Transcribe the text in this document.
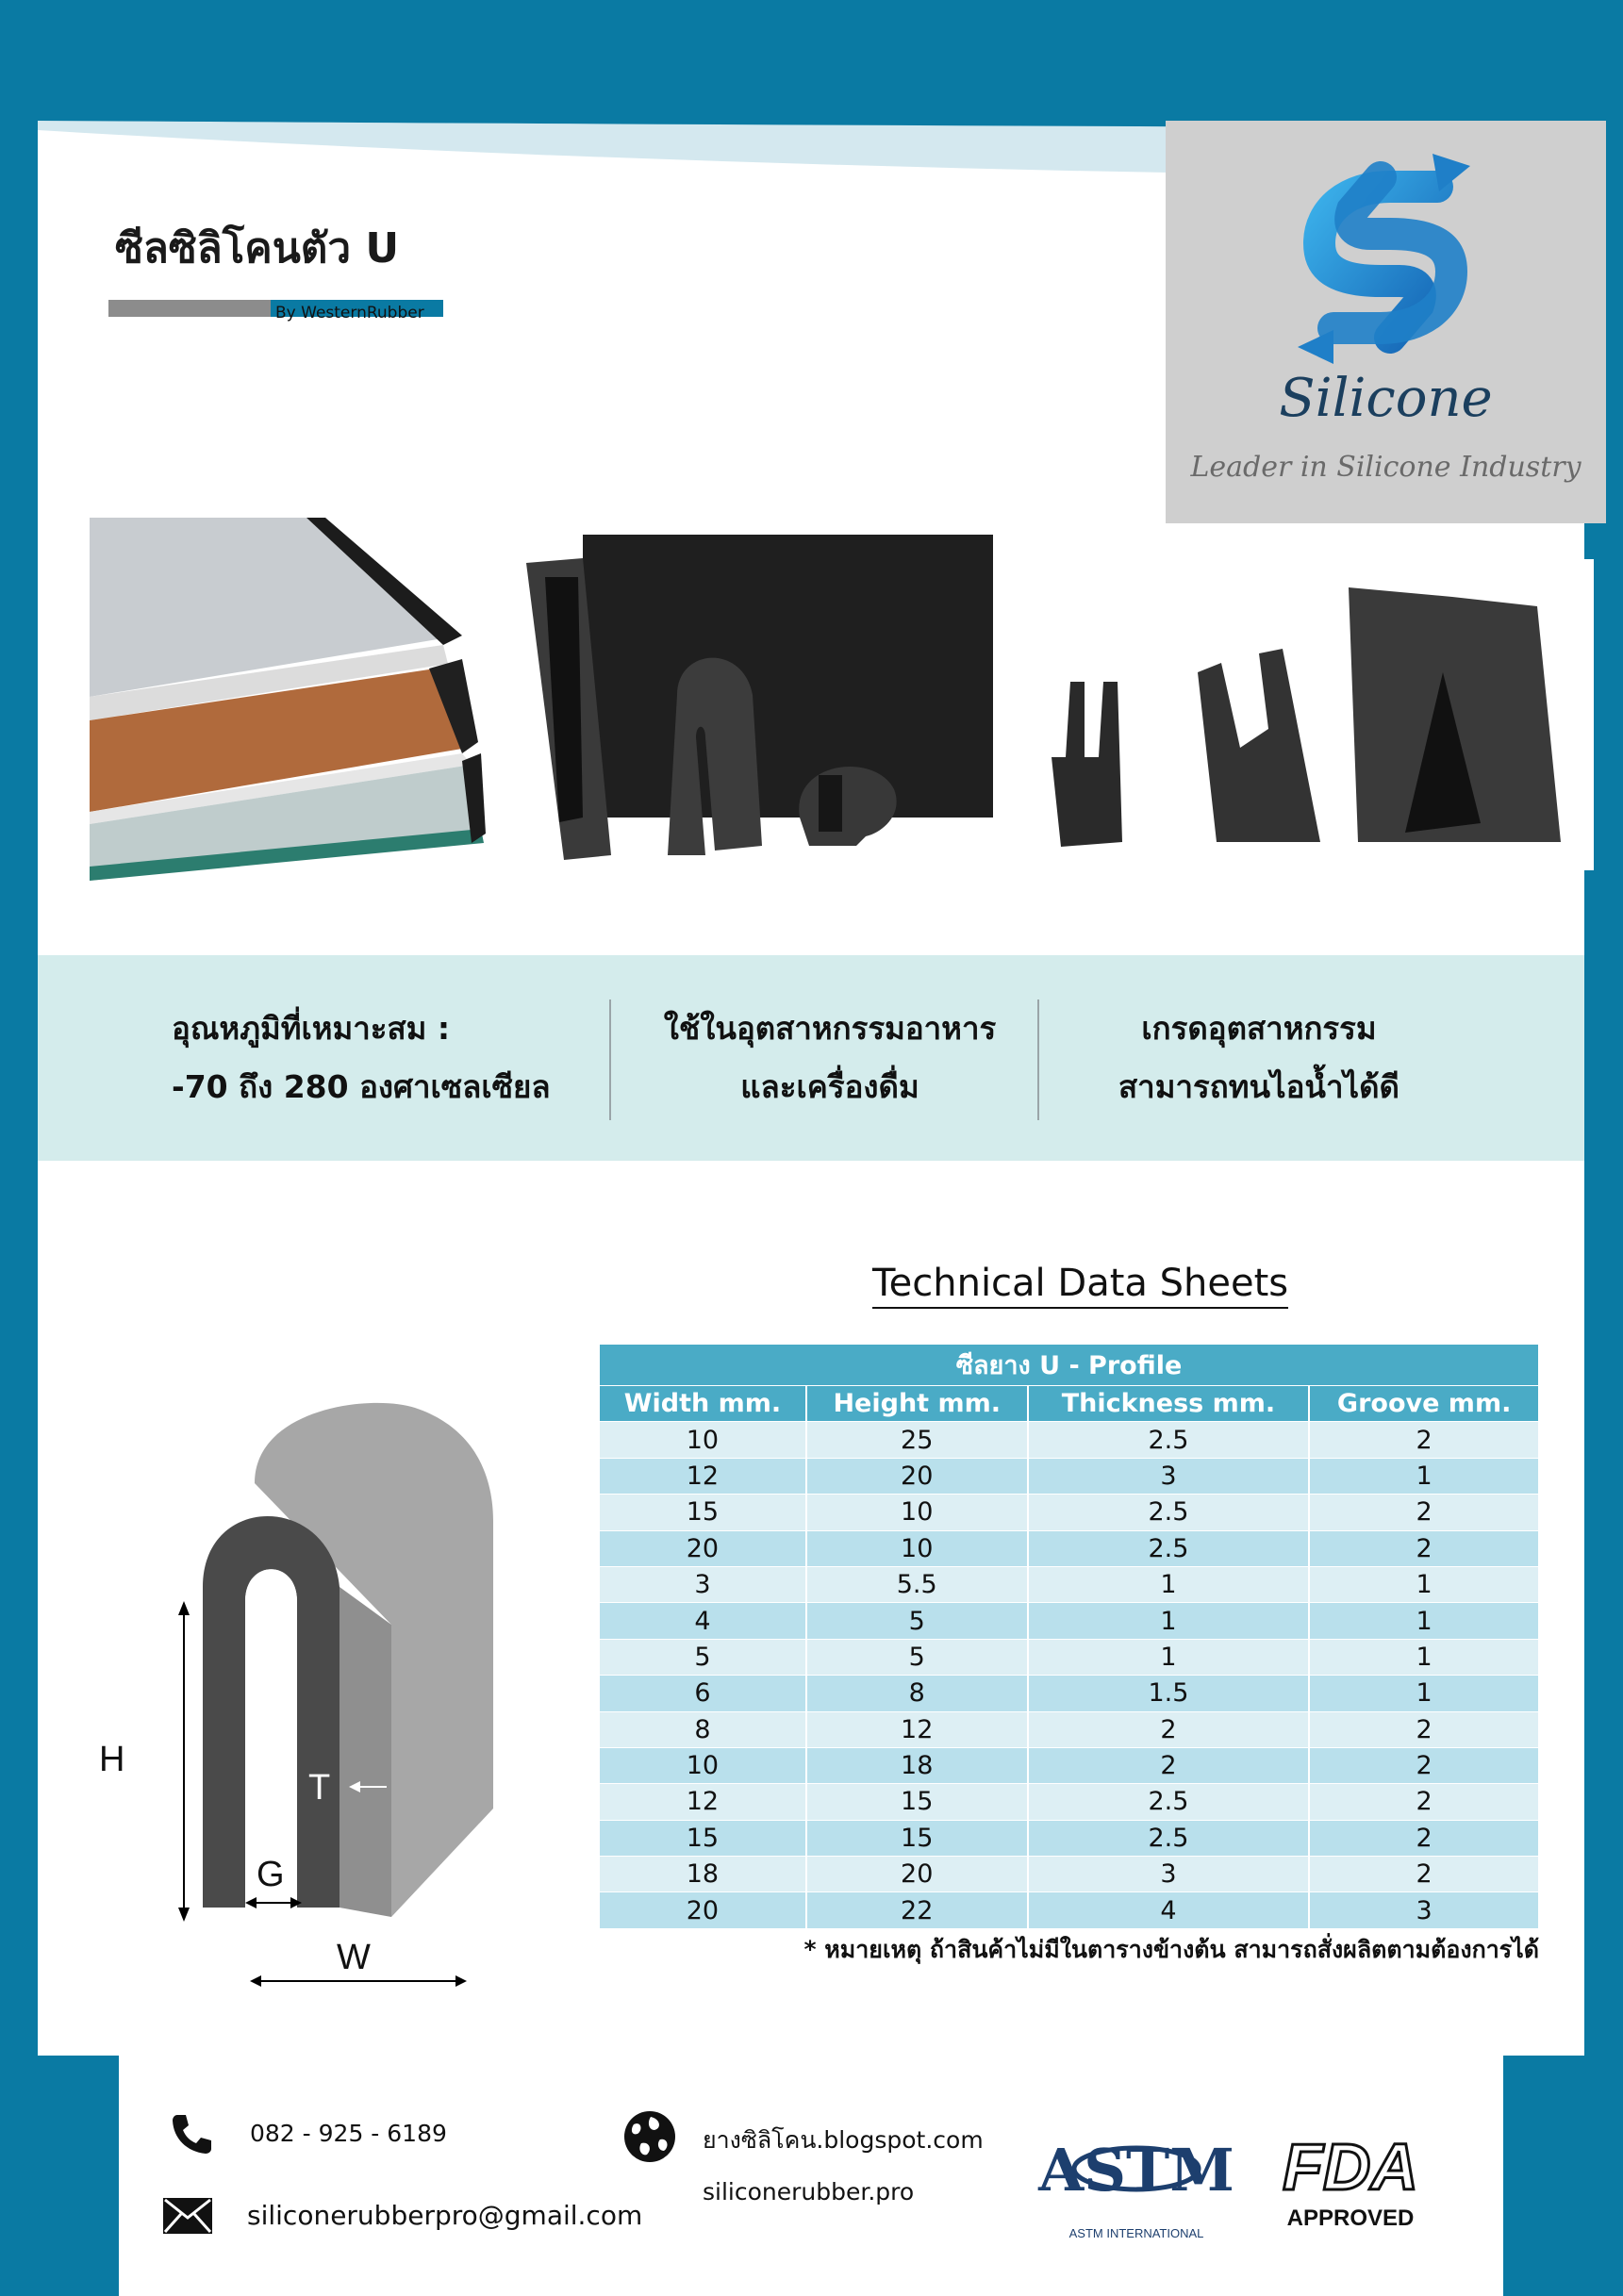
ซีลซิลิโคนตัว U
By WesternRubber
Silicone
Leader in Silicone Industry
อุณหภูมิที่เหมาะสม :
-70 ถึง 280 องศาเซลเซียล
ใช้ในอุตสาหกรรมอาหาร
และเครื่องดื่ม
เกรดอุตสาหกรรม
สามารถทนไอน้ำได้ดี
Technical Data Sheets
H
T
G
W
ซีลยาง U - Profile			
Width mm.	Height mm.	Thickness mm.	Groove mm.
10	25	2.5	2
12	20	3	1
15	10	2.5	2
20	10	2.5	2
3	5.5	1	1
4	5	1	1
5	5	1	1
6	8	1.5	1
8	12	2	2
10	18	2	2
12	15	2.5	2
15	15	2.5	2
18	20	3	2
20	22	4	3
* หมายเหตุ ถ้าสินค้าไม่มีในตารางข้างต้น สามารถสั่งผลิตตามต้องการได้
082 - 925 - 6189
siliconerubberpro@gmail.com
ยางซิลิโคน.blogspot.com
siliconerubber.pro ASTM
ASTM INTERNATIONAL
FDA
APPROVED
